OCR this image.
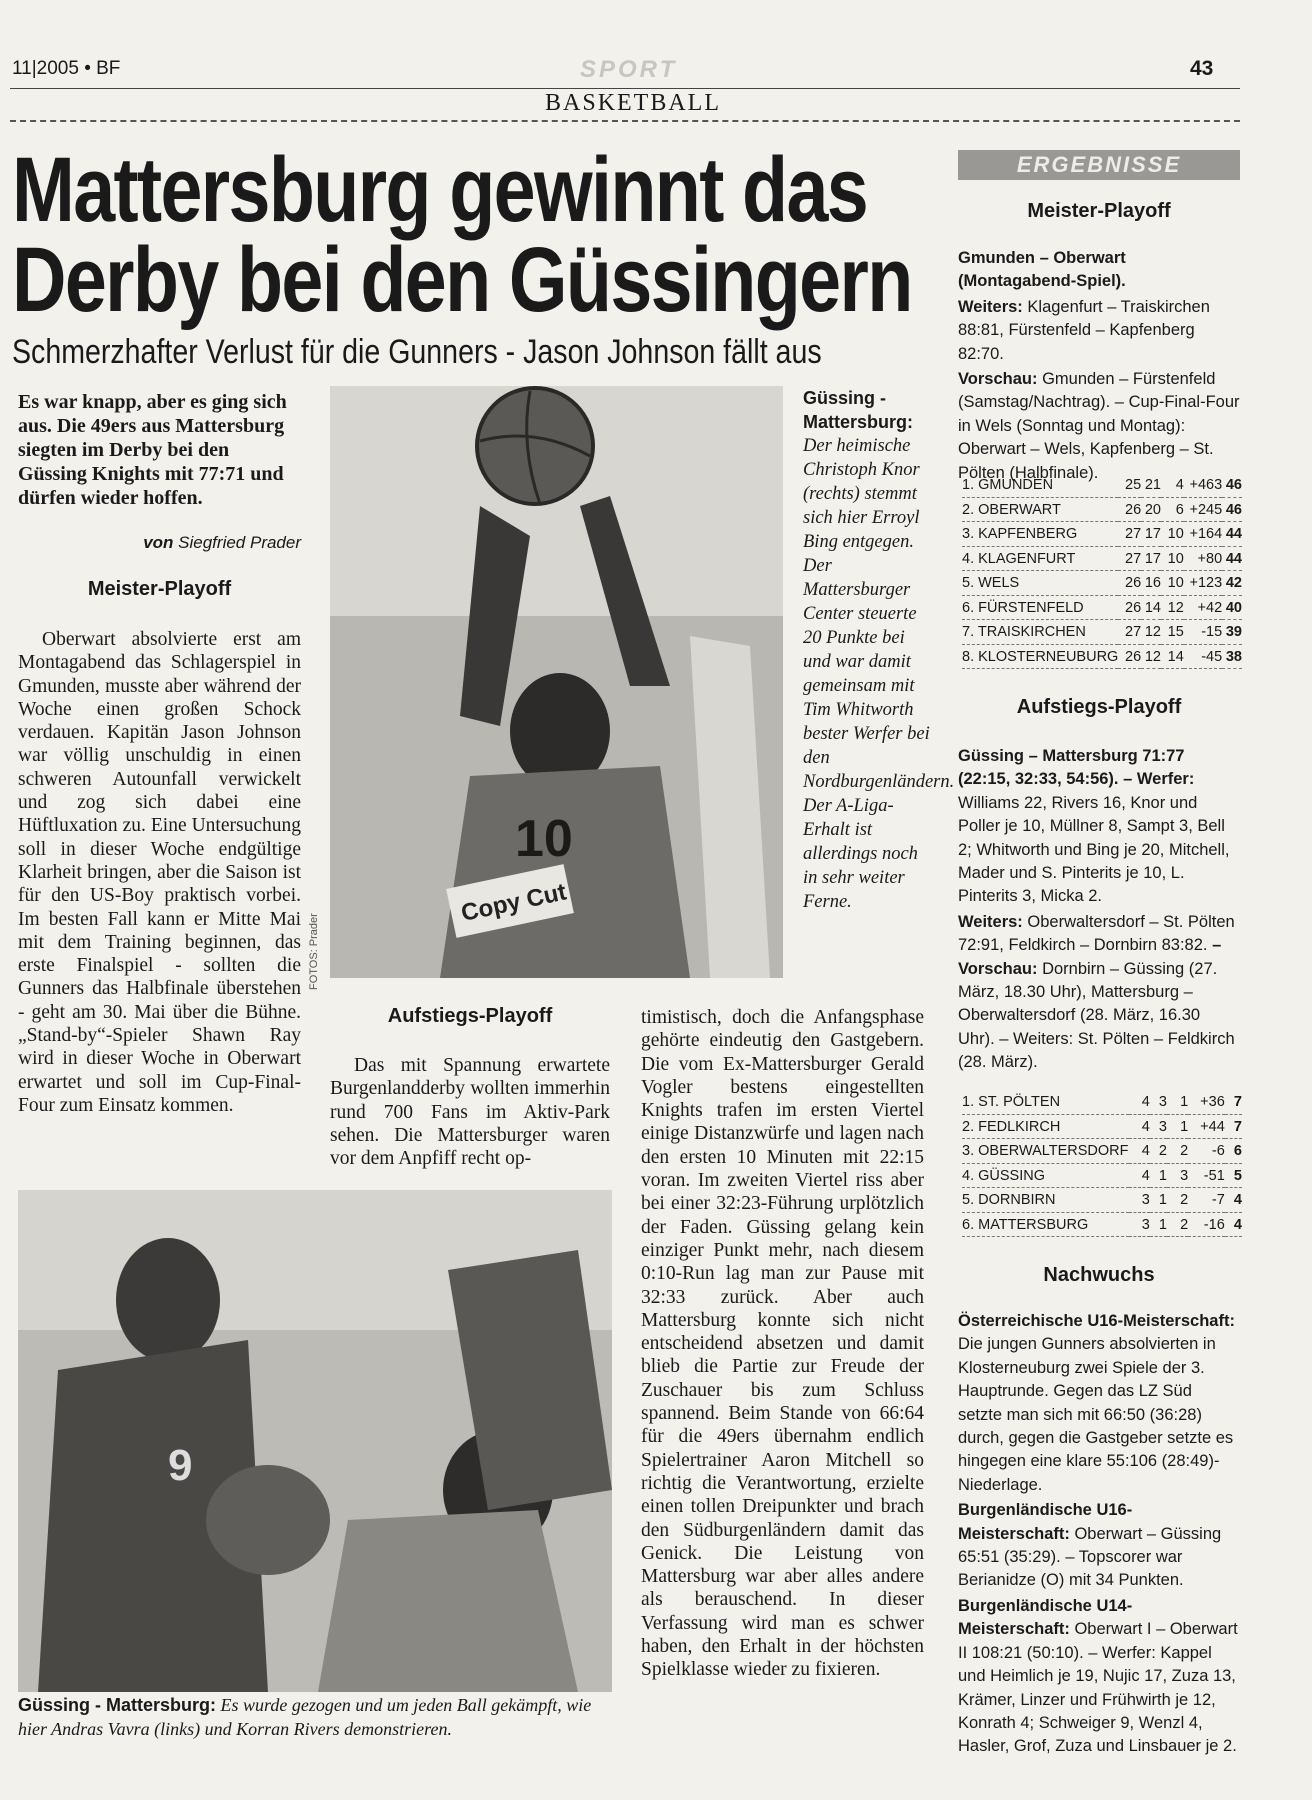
11|2005 • BF	SPORT	43
BASKETBALL
Mattersburg gewinnt das
Derby bei den Güssingern
Schmerzhafter Verlust für die Gunners - Jason Johnson fällt aus
Es war knapp, aber es ging sich aus. Die 49ers aus Mattersburg siegten im Derby bei den Güssing Knights mit 77:71 und dürfen wieder hoffen.
von Siegfried Prader
Meister-Playoff

Oberwart absolvierte erst am Montagabend das Schlagerspiel in Gmunden, musste aber während der Woche einen großen Schock verdauen. Kapitän Jason Johnson war völlig unschuldig in einen schweren Autounfall verwickelt und zog sich dabei eine Hüftluxation zu. Eine Untersuchung soll in dieser Woche endgültige Klarheit bringen, aber die Saison ist für den US-Boy praktisch vorbei. Im besten Fall kann er Mitte Mai mit dem Training beginnen, das erste Finalspiel - sollten die Gunners das Halbfinale überstehen - geht am 30. Mai über die Bühne. „Stand-by“-Spieler Shawn Ray wird in dieser Woche in Oberwart erwartet und soll im Cup-Final-Four zum Einsatz kommen.

10
Copy Cut
FOTOS: Prader
Güssing - Mattersburg:
Der heimische Christoph Knor (rechts) stemmt sich hier Erroyl Bing entgegen. Der Mattersburger Center steuerte 20 Punkte bei und war damit gemeinsam mit Tim Whitworth bester Werfer bei den Nordburgenländern. Der A-Liga-Erhalt ist allerdings noch in sehr weiter Ferne.
Aufstiegs-Playoff

Das mit Spannung erwartete Burgenlandderby wollten immerhin rund 700 Fans im Aktiv-Park sehen. Die Mattersburger waren vor dem Anpfiff recht op-

timistisch, doch die Anfangsphase gehörte eindeutig den Gastgebern. Die vom Ex-Mattersburger Gerald Vogler bestens eingestellten Knights trafen im ersten Viertel einige Distanzwürfe und lagen nach den ersten 10 Minuten mit 22:15 voran. Im zweiten Viertel riss aber bei einer 32:23-Führung urplötzlich der Faden. Güssing gelang kein einziger Punkt mehr, nach diesem 0:10-Run lag man zur Pause mit 32:33 zurück. Aber auch Mattersburg konnte sich nicht entscheidend absetzen und damit blieb die Partie zur Freude der Zuschauer bis zum Schluss spannend. Beim Stande von 66:64 für die 49ers übernahm endlich Spielertrainer Aaron Mitchell so richtig die Verantwortung, erzielte einen tollen Dreipunkter und brach den Südburgenländern damit das Genick. Die Leistung von Mattersburg war aber alles andere als berauschend. In dieser Verfassung wird man es schwer haben, den Erhalt in der höchsten Spielklasse wieder zu fixieren.

9
Güssing - Mattersburg: Es wurde gezogen und um jeden Ball gekämpft, wie hier Andras Vavra (links) und Korran Rivers demonstrieren.
ERGEBNISSE
Meister-Playoff

Gmunden – Oberwart (Montagabend-Spiel).

Weiters: Klagenfurt – Traiskirchen 88:81, Fürstenfeld – Kapfenberg 82:70.

Vorschau: Gmunden – Fürstenfeld (Samstag/Nachtrag). – Cup-Final-Four in Wels (Sonntag und Montag): Oberwart – Wels, Kapfenberg – St. Pölten (Halbfinale).

1. GMUNDEN	25	21	4	+463	46
2. OBERWART	26	20	6	+245	46
3. KAPFENBERG	27	17	10	+164	44
4. KLAGENFURT	27	17	10	+80	44
5. WELS	26	16	10	+123	42
6. FÜRSTENFELD	26	14	12	+42	40
7. TRAISKIRCHEN	27	12	15	-15	39
8. KLOSTERNEUBURG	26	12	14	-45	38
Aufstiegs-Playoff

Güssing – Mattersburg 71:77 (22:15, 32:33, 54:56). – Werfer: Williams 22, Rivers 16, Knor und Poller je 10, Müllner 8, Sampt 3, Bell 2; Whitworth und Bing je 20, Mitchell, Mader und S. Pinterits je 10, L. Pinterits 3, Micka 2.

Weiters: Oberwaltersdorf – St. Pölten 72:91, Feldkirch – Dornbirn 83:82. – Vorschau: Dornbirn – Güssing (27. März, 18.30 Uhr), Mattersburg – Oberwaltersdorf (28. März, 16.30 Uhr). – Weiters: St. Pölten – Feldkirch (28. März).

1. ST. PÖLTEN	4	3	1	+36	7
2. FEDLKIRCH	4	3	1	+44	7
3. OBERWALTERSDORF	4	2	2	-6	6
4. GÜSSING	4	1	3	-51	5
5. DORNBIRN	3	1	2	-7	4
6. MATTERSBURG	3	1	2	-16	4
Nachwuchs

Österreichische U16-Meisterschaft: Die jungen Gunners absolvierten in Klosterneuburg zwei Spiele der 3. Hauptrunde. Gegen das LZ Süd setzte man sich mit 66:50 (36:28) durch, gegen die Gastgeber setzte es hingegen eine klare 55:106 (28:49)-Niederlage.

Burgenländische U16-Meisterschaft: Oberwart – Güssing 65:51 (35:29). – Topscorer war Berianidze (O) mit 34 Punkten.

Burgenländische U14-Meisterschaft: Oberwart I – Oberwart II 108:21 (50:10). – Werfer: Kappel und Heimlich je 19, Nujic 17, Zuza 13, Krämer, Linzer und Frühwirth je 12, Konrath 4; Schweiger 9, Wenzl 4, Hasler, Grof, Zuza und Linsbauer je 2.
